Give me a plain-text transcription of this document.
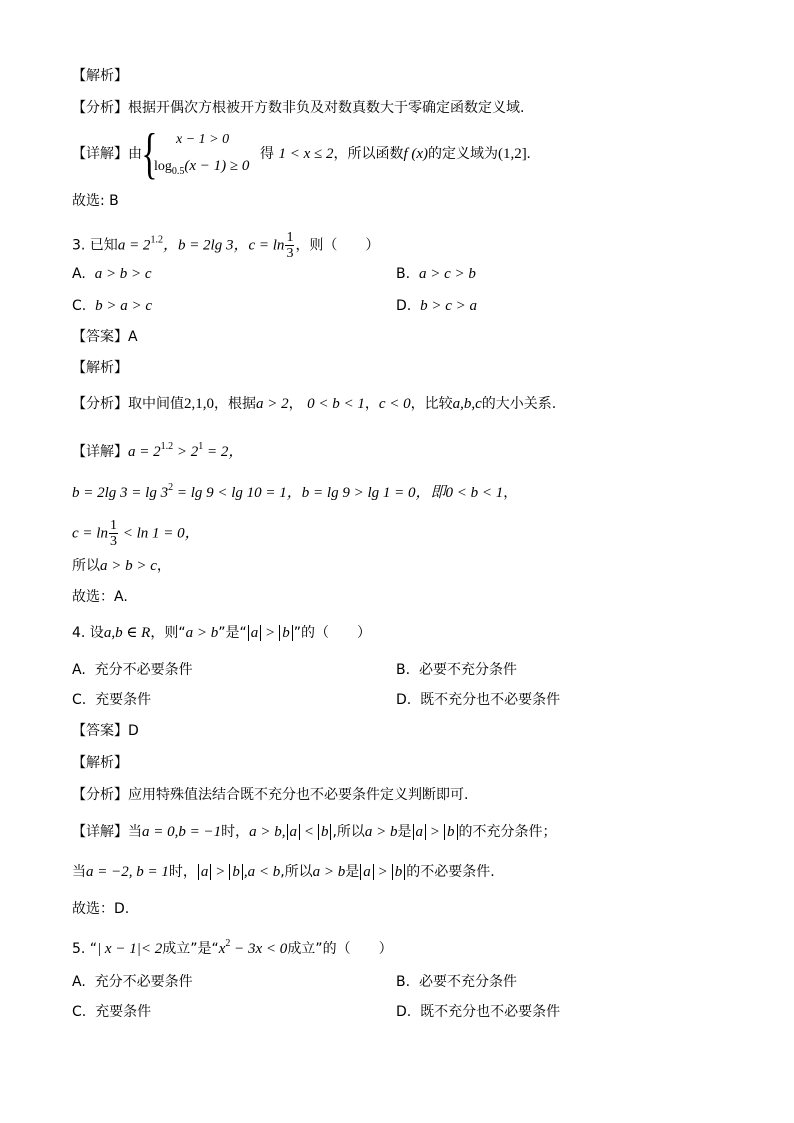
【解析】
【分析】根据开偶次方根被开方数非负及对数真数大于零确定函数定义域.
【详解】由 { x − 1 > 0
$\log_{0.5}(x - 1) \ge 0$
得 1 < x ≤ 2，所以函数f (x)的定义域为(1,2].
故选: B
3. 已知$a = 2^{1.2}$，b = 2lg 3，$c = \ln \frac{1}{3}$ ，则（　　）
A. a > b > c	B. a > c > b
C. b > a > c	D. b > c > a
【答案】A
【解析】
【分析】取中间值2,1,0，根据a > 2， 0 < b < 1，c < 0，比较a,b,c的大小关系.
【详解】$a = 2^{1.2} > 2^1 = 2$，
b = 2lg $3 = \lg 3^2 = \lg 9 < \lg 10 = 1$，b = lg 9 > lg 1 = 0，即0 < b < 1，
$c = \ln \frac{1}{3} < \ln 1 = 0$，
所以a > b > c，
故选：A.
4. 设a,b ∈ R，则“a > b”是“ a > b ”的（　　）
A. 充分不必要条件	B. 必要不充分条件
C. 充要条件	D. 既不充分也不必要条件
【答案】D
【解析】
【分析】应用特殊值法结合既不充分也不必要条件定义判断即可.
【详解】当a = 0,b = −1时，a > b, a < b ,所以a > b是 a > b 的不充分条件；
当a = −2, b = 1时， a > b ,a < b,所以a > b是 a > b 的不必要条件.
故选：D.
5. “| x − 1|< 2成立”是“$x^2 - 3x < 0$成立”的（　　）
A. 充分不必要条件	B. 必要不充分条件
C. 充要条件	D. 既不充分也不必要条件
